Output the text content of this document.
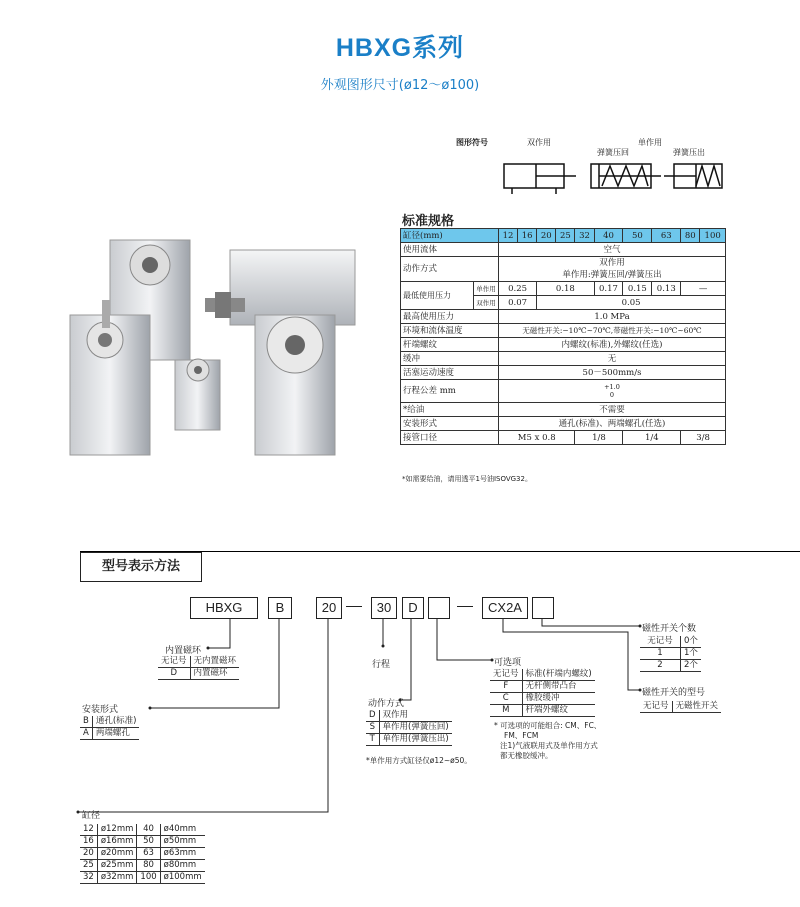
HBXG系列
外观图形尺寸(ø12～ø100)
图形符号	双作用	单作用
弹簧压回	弹簧压出
标准规格
缸径(mm)		12	16	20	25	32	40	50	63	80	100
使用流体		空气									
动作方式		双作用
单作用:弹簧压回/弹簧压出									

最低使用压力	单作用	0.25		0.18			0.17	0.15	0.13	—	
	双作用	0.07		0.05							
最高使用压力		1.0 MPa									
环境和流体温度		无磁性开关:−10℃~70℃,带磁性开关:−10℃~60℃									
杆端螺纹		内螺纹(标准),外螺纹(任选)									
缓冲		无									
活塞运动速度		50－500mm/s									
行程公差 mm		+1.0
0									

*给油		不需要									
安装形式		通孔(标准)、两端螺孔(任选)									
接管口径		M5 x 0.8				1/8		1/4		3/8	
*如需要给油，请用透平1号油ISOVG32。
型号表示方法
HBXG	B	20	30	D	CX2A
内置磁环
无记号	无内置磁环
D	内置磁环
安装形式
B	通孔(标准)
A	两端螺孔
行程
动作方式
D	双作用
S	单作用(弹簧压回)
T	单作用(弹簧压出)
*单作用方式缸径仅ø12~ø50。
可选项
无记号	标准(杆端内螺纹)
F	无杆侧带凸台
C	橡胶缓冲
M	杆端外螺纹
* 可选项的可能组合: CM、FC、
FM、FCM
注1)气液联用式及单作用方式
都无橡胶缓冲。
磁性开关个数
无记号	0个
1	1个
2	2个
磁性开关的型号
无记号	无磁性开关
缸径
12	ø12mm	40	ø40mm
16	ø16mm	50	ø50mm
20	ø20mm	63	ø63mm
25	ø25mm	80	ø80mm
32	ø32mm	100	ø100mm
